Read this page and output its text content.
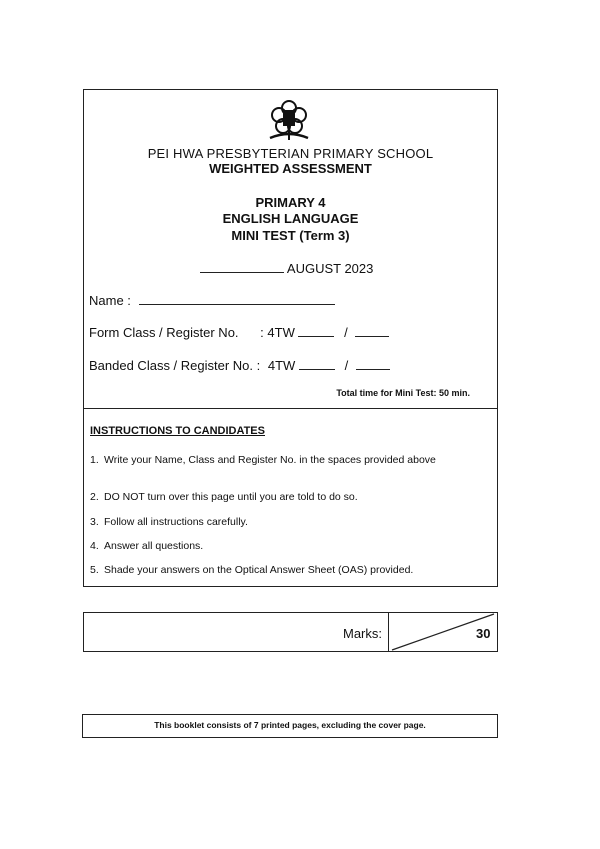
PEI HWA PRESBYTERIAN PRIMARY SCHOOL
WEIGHTED ASSESSMENT
PRIMARY 4
ENGLISH LANGUAGE
MINI TEST (Term 3)
AUGUST 2023
Name :
Form Class / Register No. : 4TW	/
Banded Class / Register No. : 4TW	/
Total time for Mini Test: 50 min.
INSTRUCTIONS TO CANDIDATES
1. Write your Name, Class and Register No. in the spaces provided above
2. DO NOT turn over this page until you are told to do so.
3. Follow all instructions carefully.
4. Answer all questions.
5. Shade your answers on the Optical Answer Sheet (OAS) provided.
Marks:	30
This booklet consists of 7 printed pages, excluding the cover page.
